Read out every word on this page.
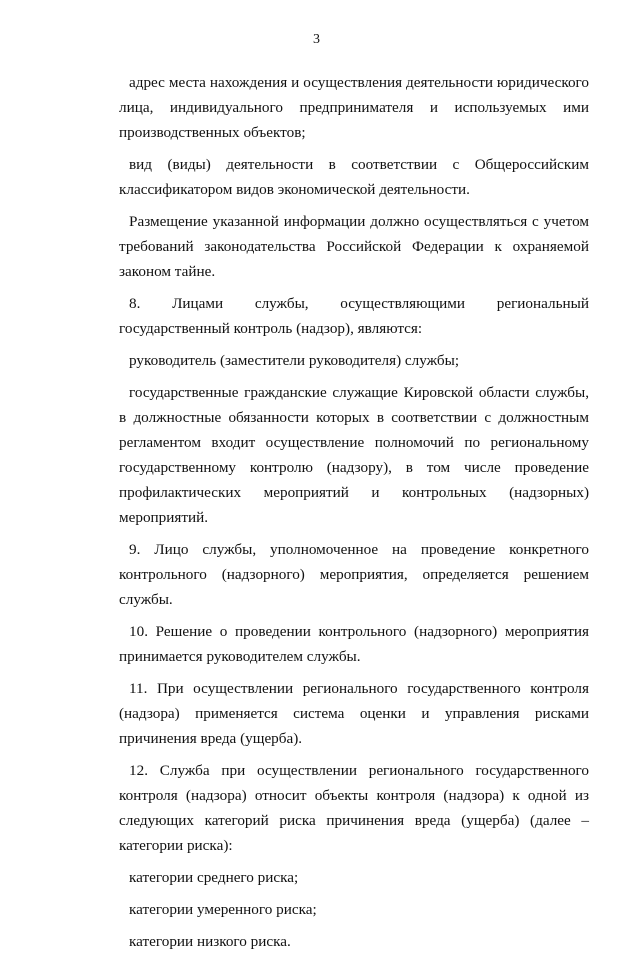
3

адрес места нахождения и осуществления деятельности юридического лица, индивидуального предпринимателя и используемых ими производственных объектов;

вид (виды) деятельности в соответствии с Общероссийским классификатором видов экономической деятельности.

Размещение указанной информации должно осуществляться с учетом требований законодательства Российской Федерации к охраняемой законом тайне.

8. Лицами службы, осуществляющими региональный государственный контроль (надзор), являются:

руководитель (заместители руководителя) службы;

государственные гражданские служащие Кировской области службы, в должностные обязанности которых в соответствии с должностным регламентом входит осуществление полномочий по региональному государственному контролю (надзору), в том числе проведение профилактических мероприятий и контрольных (надзорных) мероприятий.

9. Лицо службы, уполномоченное на проведение конкретного контрольного (надзорного) мероприятия, определяется решением службы.

10. Решение о проведении контрольного (надзорного) мероприятия принимается руководителем службы.

11. При осуществлении регионального государственного контроля (надзора) применяется система оценки и управления рисками причинения вреда (ущерба).

12. Служба при осуществлении регионального государственного контроля (надзора) относит объекты контроля (надзора) к одной из следующих категорий риска причинения вреда (ущерба) (далее – категории риска):

категории среднего риска;

категории умеренного риска;

категории низкого риска.
